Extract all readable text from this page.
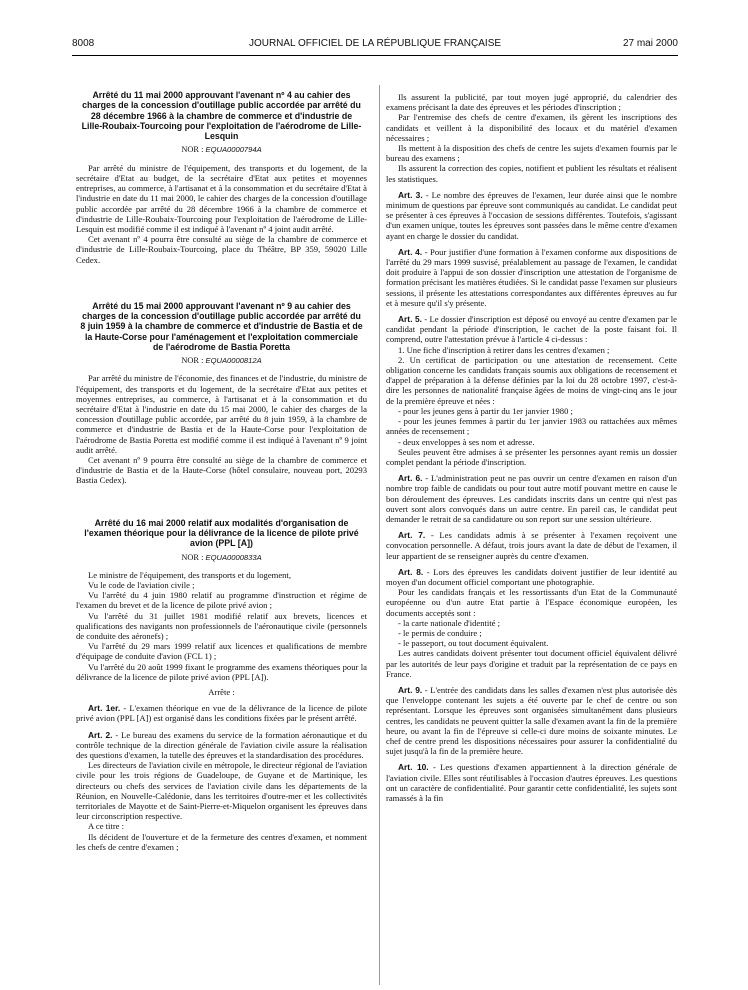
8008	JOURNAL OFFICIEL DE LA RÉPUBLIQUE FRANÇAISE	27 mai 2000
Arrêté du 11 mai 2000 approuvant l'avenant nº 4 au cahier des charges de la concession d'outillage public accordée par arrêté du 28 décembre 1966 à la chambre de commerce et d'industrie de Lille-Roubaix-Tourcoing pour l'exploitation de l'aérodrome de Lille-Lesquin
NOR : EQUA0000794A

Par arrêté du ministre de l'équipement, des transports et du logement, de la secrétaire d'Etat au budget, de la secrétaire d'Etat aux petites et moyennes entreprises, au commerce, à l'artisanat et à la consommation et du secrétaire d'Etat à l'industrie en date du 11 mai 2000, le cahier des charges de la concession d'outillage public accordée par arrêté du 28 décembre 1966 à la chambre de commerce et d'industrie de Lille-Roubaix-Tourcoing pour l'exploitation de l'aérodrome de Lille-Lesquin est modifié comme il est indiqué à l'avenant nº 4 joint audit arrêté.

Cet avenant nº 4 pourra être consulté au siège de la chambre de commerce et d'industrie de Lille-Roubaix-Tourcoing, place du Théâtre, BP 359, 59020 Lille Cedex.

Arrêté du 15 mai 2000 approuvant l'avenant nº 9 au cahier des charges de la concession d'outillage public accordée par arrêté du 8 juin 1959 à la chambre de commerce et d'industrie de Bastia et de la Haute-Corse pour l'aménagement et l'exploitation commerciale de l'aérodrome de Bastia Poretta
NOR : EQUA0000812A

Par arrêté du ministre de l'économie, des finances et de l'industrie, du ministre de l'équipement, des transports et du logement, de la secrétaire d'Etat aux petites et moyennes entreprises, au commerce, à l'artisanat et à la consommation et du secrétaire d'Etat à l'industrie en date du 15 mai 2000, le cahier des charges de la concession d'outillage public accordée, par arrêté du 8 juin 1959, à la chambre de commerce et d'industrie de Bastia et de la Haute-Corse pour l'exploitation de l'aérodrome de Bastia Poretta est modifié comme il est indiqué à l'avenant nº 9 joint audit arrêté.

Cet avenant nº 9 pourra être consulté au siège de la chambre de commerce et d'industrie de Bastia et de la Haute-Corse (hôtel consulaire, nouveau port, 20293 Bastia Cedex).

Arrêté du 16 mai 2000 relatif aux modalités d'organisation de l'examen théorique pour la délivrance de la licence de pilote privé avion (PPL [A])
NOR : EQUA0000833A

Le ministre de l'équipement, des transports et du logement,

Vu le code de l'aviation civile ;

Vu l'arrêté du 4 juin 1980 relatif au programme d'instruction et régime de l'examen du brevet et de la licence de pilote privé avion ;

Vu l'arrêté du 31 juillet 1981 modifié relatif aux brevets, licences et qualifications des navigants non professionnels de l'aéronautique civile (personnels de conduite des aéronefs) ;

Vu l'arrêté du 29 mars 1999 relatif aux licences et qualifications de membre d'équipage de conduite d'avion (FCL 1) ;

Vu l'arrêté du 20 août 1999 fixant le programme des examens théoriques pour la délivrance de la licence de pilote privé avion (PPL [A]).

Arrête :

Art. 1er. - L'examen théorique en vue de la délivrance de la licence de pilote privé avion (PPL [A]) est organisé dans les conditions fixées par le présent arrêté.

Art. 2. - Le bureau des examens du service de la formation aéronautique et du contrôle technique de la direction générale de l'aviation civile assure la réalisation des questions d'examen, la tutelle des épreuves et la standardisation des procédures.

Les directeurs de l'aviation civile en métropole, le directeur régional de l'aviation civile pour les trois régions de Guadeloupe, de Guyane et de Martinique, les directeurs ou chefs des services de l'aviation civile dans les départements de la Réunion, en Nouvelle-Calédonie, dans les territoires d'outre-mer et les collectivités territoriales de Mayotte et de Saint-Pierre-et-Miquelon organisent les épreuves dans leur circonscription respective.

A ce titre :

Ils décident de l'ouverture et de la fermeture des centres d'examen, et nomment les chefs de centre d'examen ;

Ils assurent la publicité, par tout moyen jugé approprié, du calendrier des examens précisant la date des épreuves et les périodes d'inscription ;

Par l'entremise des chefs de centre d'examen, ils gèrent les inscriptions des candidats et veillent à la disponibilité des locaux et du matériel d'examen nécessaires ;

Ils mettent à la disposition des chefs de centre les sujets d'examen fournis par le bureau des examens ;

Ils assurent la correction des copies, notifient et publient les résultats et réalisent les statistiques.

Art. 3. - Le nombre des épreuves de l'examen, leur durée ainsi que le nombre minimum de questions par épreuve sont communiqués au candidat. Le candidat peut se présenter à ces épreuves à l'occasion de sessions différentes. Toutefois, s'agissant d'un examen unique, toutes les épreuves sont passées dans le même centre d'examen ayant en charge le dossier du candidat.

Art. 4. - Pour justifier d'une formation à l'examen conforme aux dispositions de l'arrêté du 29 mars 1999 susvisé, préalablement au passage de l'examen, le candidat doit produire à l'appui de son dossier d'inscription une attestation de l'organisme de formation précisant les matières étudiées. Si le candidat passe l'examen sur plusieurs sessions, il présente les attestations correspondantes aux différentes épreuves au fur et à mesure qu'il s'y présente.

Art. 5. - Le dossier d'inscription est déposé ou envoyé au centre d'examen par le candidat pendant la période d'inscription, le cachet de la poste faisant foi. Il comprend, outre l'attestation prévue à l'article 4 ci-dessus :

1. Une fiche d'inscription à retirer dans les centres d'examen ;

2. Un certificat de participation ou une attestation de recensement. Cette obligation concerne les candidats français soumis aux obligations de recensement et d'appel de préparation à la défense définies par la loi du 28 octobre 1997, c'est-à-dire les personnes de nationalité française âgées de moins de vingt-cinq ans le jour de la première épreuve et nées :

- pour les jeunes gens à partir du 1er janvier 1980 ;

- pour les jeunes femmes à partir du 1er janvier 1983 ou rattachées aux mêmes années de recensement ;

- deux enveloppes à ses nom et adresse.

Seules peuvent être admises à se présenter les personnes ayant remis un dossier complet pendant la période d'inscription.

Art. 6. - L'administration peut ne pas ouvrir un centre d'examen en raison d'un nombre trop faible de candidats ou pour tout autre motif pouvant mettre en cause le bon déroulement des épreuves. Les candidats inscrits dans un centre qui n'est pas ouvert sont alors convoqués dans un autre centre. En pareil cas, le candidat peut demander le retrait de sa candidature ou son report sur une session ultérieure.

Art. 7. - Les candidats admis à se présenter à l'examen reçoivent une convocation personnelle. A défaut, trois jours avant la date de début de l'examen, il leur appartient de se renseigner auprès du centre d'examen.

Art. 8. - Lors des épreuves les candidats doivent justifier de leur identité au moyen d'un document officiel comportant une photographie.

Pour les candidats français et les ressortissants d'un Etat de la Communauté européenne ou d'un autre Etat partie à l'Espace économique européen, les documents acceptés sont :

- la carte nationale d'identité ;

- le permis de conduire ;

- le passeport, ou tout document équivalent.

Les autres candidats doivent présenter tout document officiel équivalent délivré par les autorités de leur pays d'origine et traduit par la représentation de ce pays en France.

Art. 9. - L'entrée des candidats dans les salles d'examen n'est plus autorisée dès que l'enveloppe contenant les sujets a été ouverte par le chef de centre ou son représentant. Lorsque les épreuves sont organisées simultanément dans plusieurs centres, les candidats ne peuvent quitter la salle d'examen avant la fin de la première heure, ou avant la fin de l'épreuve si celle-ci dure moins de soixante minutes. Le chef de centre prend les dispositions nécessaires pour assurer la confidentialité du sujet jusqu'à la fin de la première heure.

Art. 10. - Les questions d'examen appartiennent à la direction générale de l'aviation civile. Elles sont réutilisables à l'occasion d'autres épreuves. Les questions ont un caractère de confidentialité. Pour garantir cette confidentialité, les sujets sont ramassés à la fin
